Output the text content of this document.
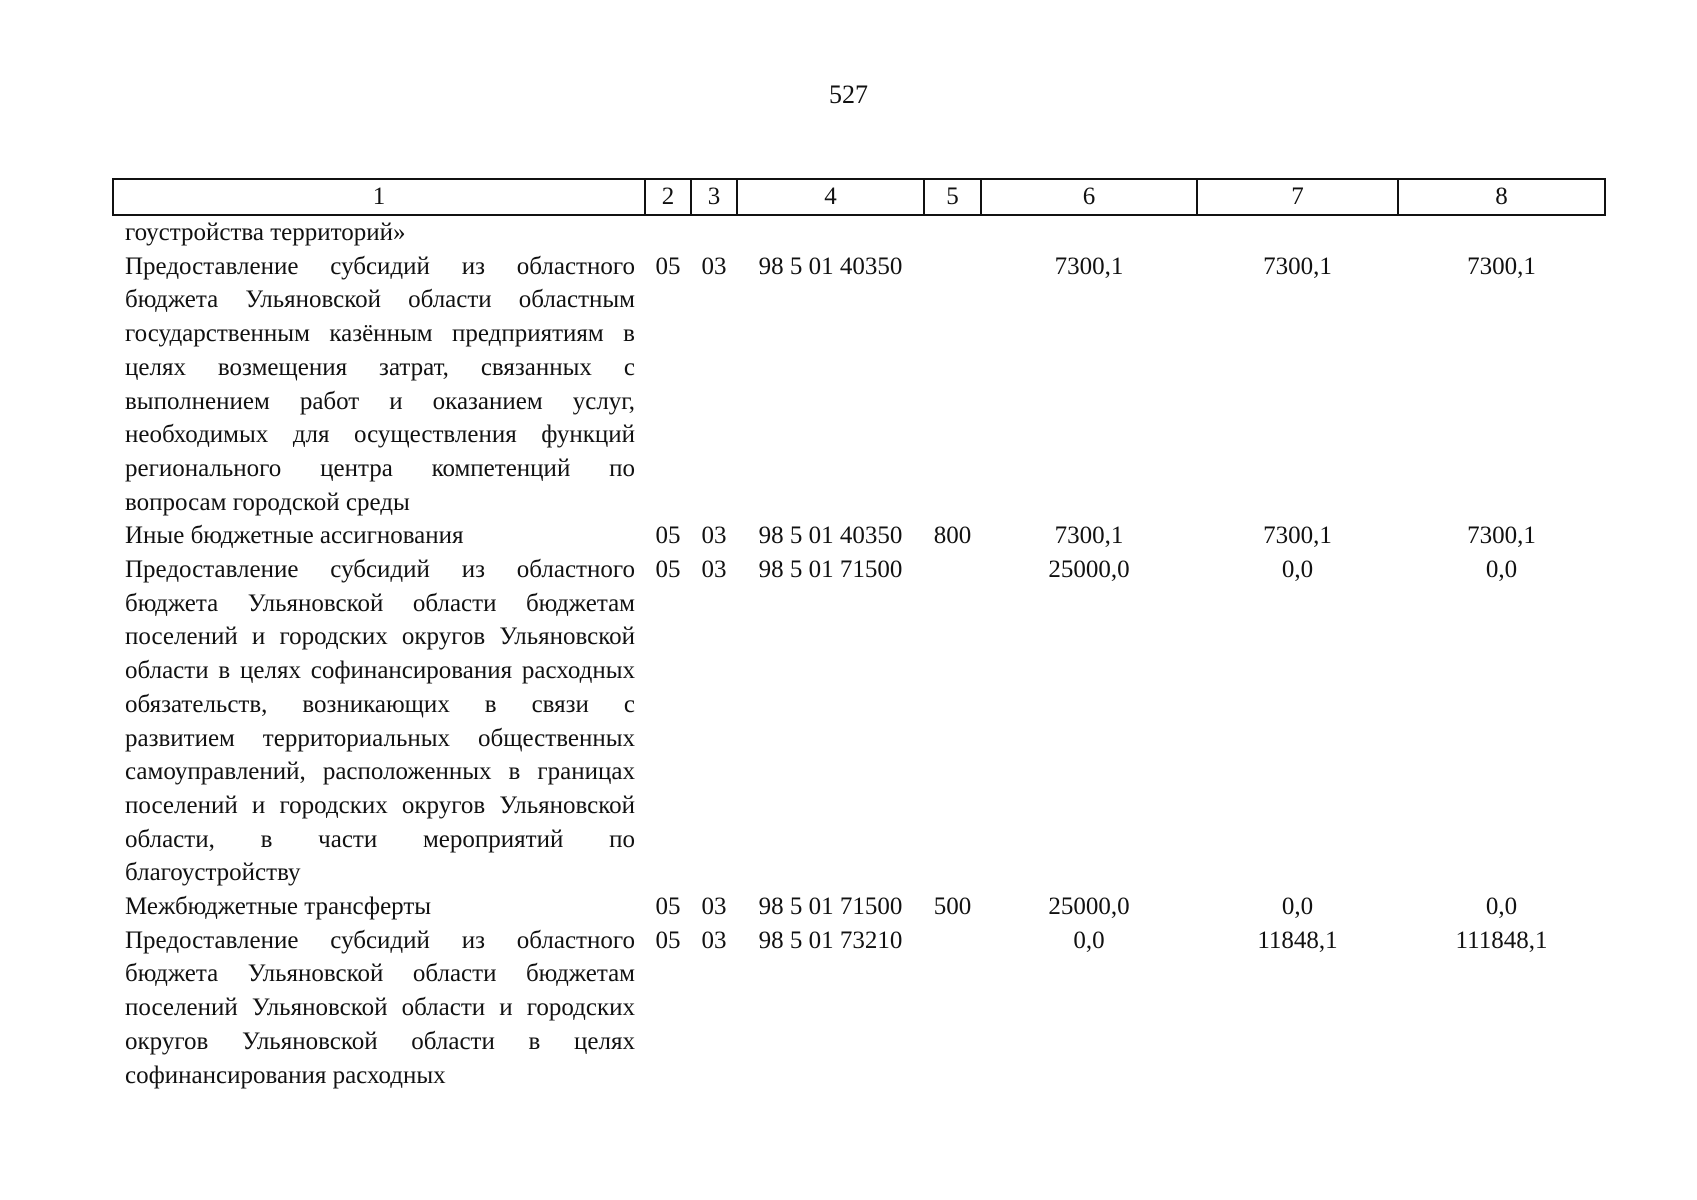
527
1	2	3	4	5	6	7	8
гоустройства территорий»							
Предоставление субсидий из областного бюджета Ульяновской области областным государственным казённым предприятиям в целях возмещения затрат, связанных с выполнением работ и оказанием услуг, необходимых для осуществления функций регионального центра компетенций по вопросам городской среды	05	03	98 5 01 40350		7300,1	7300,1	7300,1
Иные бюджетные ассигнования	05	03	98 5 01 40350	800	7300,1	7300,1	7300,1
Предоставление субсидий из областного бюджета Ульяновской области бюджетам поселений и городских округов Ульяновской области в целях софинансирования расходных обязательств, возникающих в связи с развитием территориальных общественных самоуправлений, расположенных в границах поселений и городских округов Ульяновской области, в части мероприятий по благоустройству	05	03	98 5 01 71500		25000,0	0,0	0,0
Межбюджетные трансферты	05	03	98 5 01 71500	500	25000,0	0,0	0,0
Предоставление субсидий из областного бюджета Ульяновской области бюджетам поселений Ульяновской области и городских округов Ульяновской области в целях софинансирования расходных	05	03	98 5 01 73210		0,0	11848,1	111848,1
